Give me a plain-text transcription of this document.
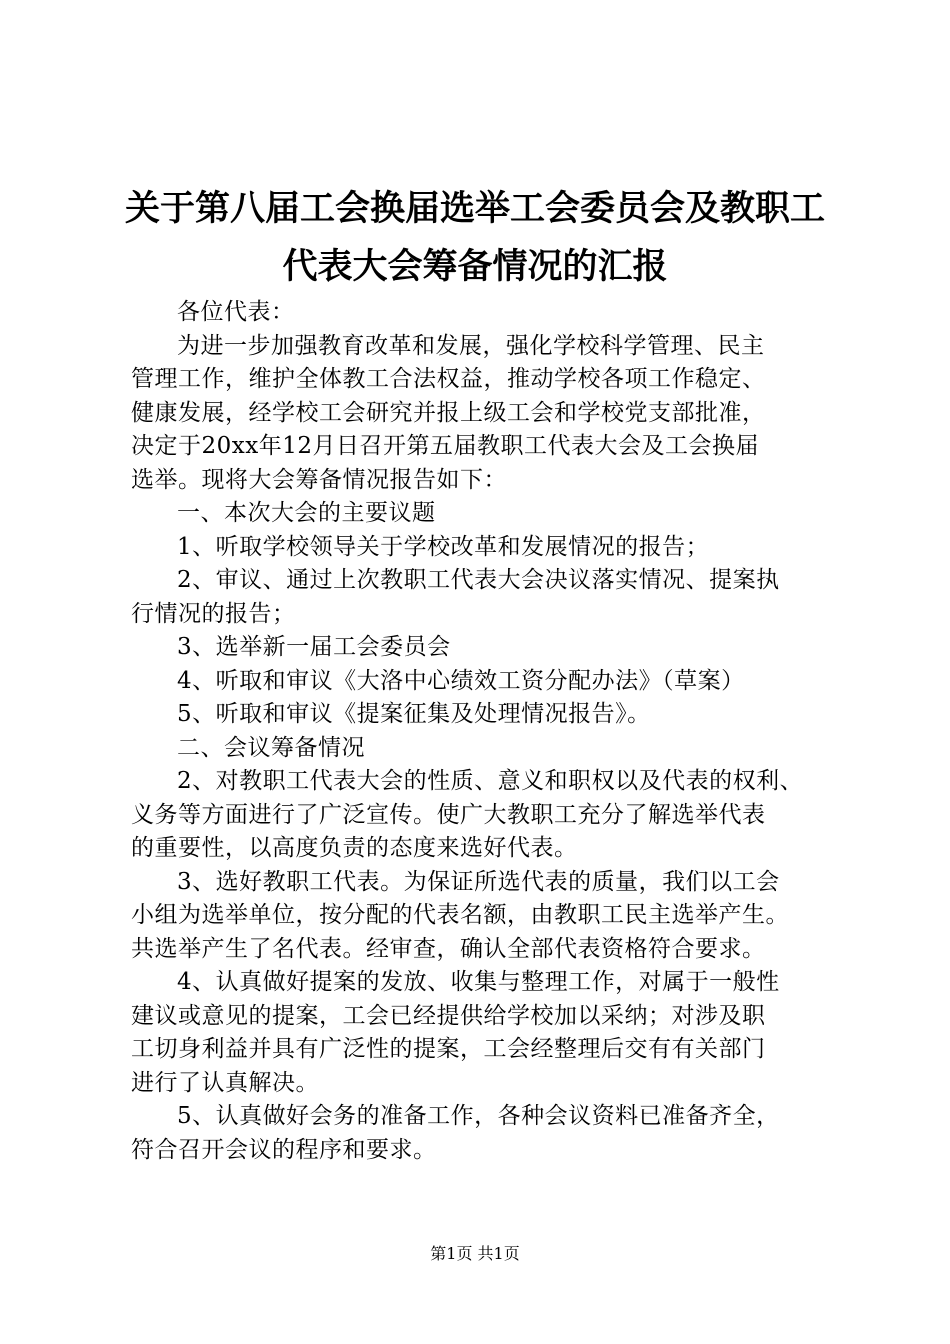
关于第八届工会换届选举工会委员会及教职工
代表大会筹备情况的汇报
各位代表：
为进一步加强教育改革和发展，强化学校科学管理、民主
管理工作，维护全体教工合法权益，推动学校各项工作稳定、
健康发展，经学校工会研究并报上级工会和学校党支部批准，
决定于20xx年12月日召开第五届教职工代表大会及工会换届
选举。现将大会筹备情况报告如下：
一、本次大会的主要议题
1、听取学校领导关于学校改革和发展情况的报告；
2、审议、通过上次教职工代表大会决议落实情况、提案执
行情况的报告；
3、选举新一届工会委员会
4、听取和审议《大洛中心绩效工资分配办法》（草案）
5、听取和审议《提案征集及处理情况报告》。
二、会议筹备情况
2、对教职工代表大会的性质、意义和职权以及代表的权利、
义务等方面进行了广泛宣传。使广大教职工充分了解选举代表
的重要性，以高度负责的态度来选好代表。
3、选好教职工代表。为保证所选代表的质量，我们以工会
小组为选举单位，按分配的代表名额，由教职工民主选举产生。
共选举产生了名代表。经审查，确认全部代表资格符合要求。
4、认真做好提案的发放、收集与整理工作，对属于一般性
建议或意见的提案，工会已经提供给学校加以采纳；对涉及职
工切身利益并具有广泛性的提案，工会经整理后交有有关部门
进行了认真解决。
5、认真做好会务的准备工作，各种会议资料已准备齐全，
符合召开会议的程序和要求。
第1页 共1页
